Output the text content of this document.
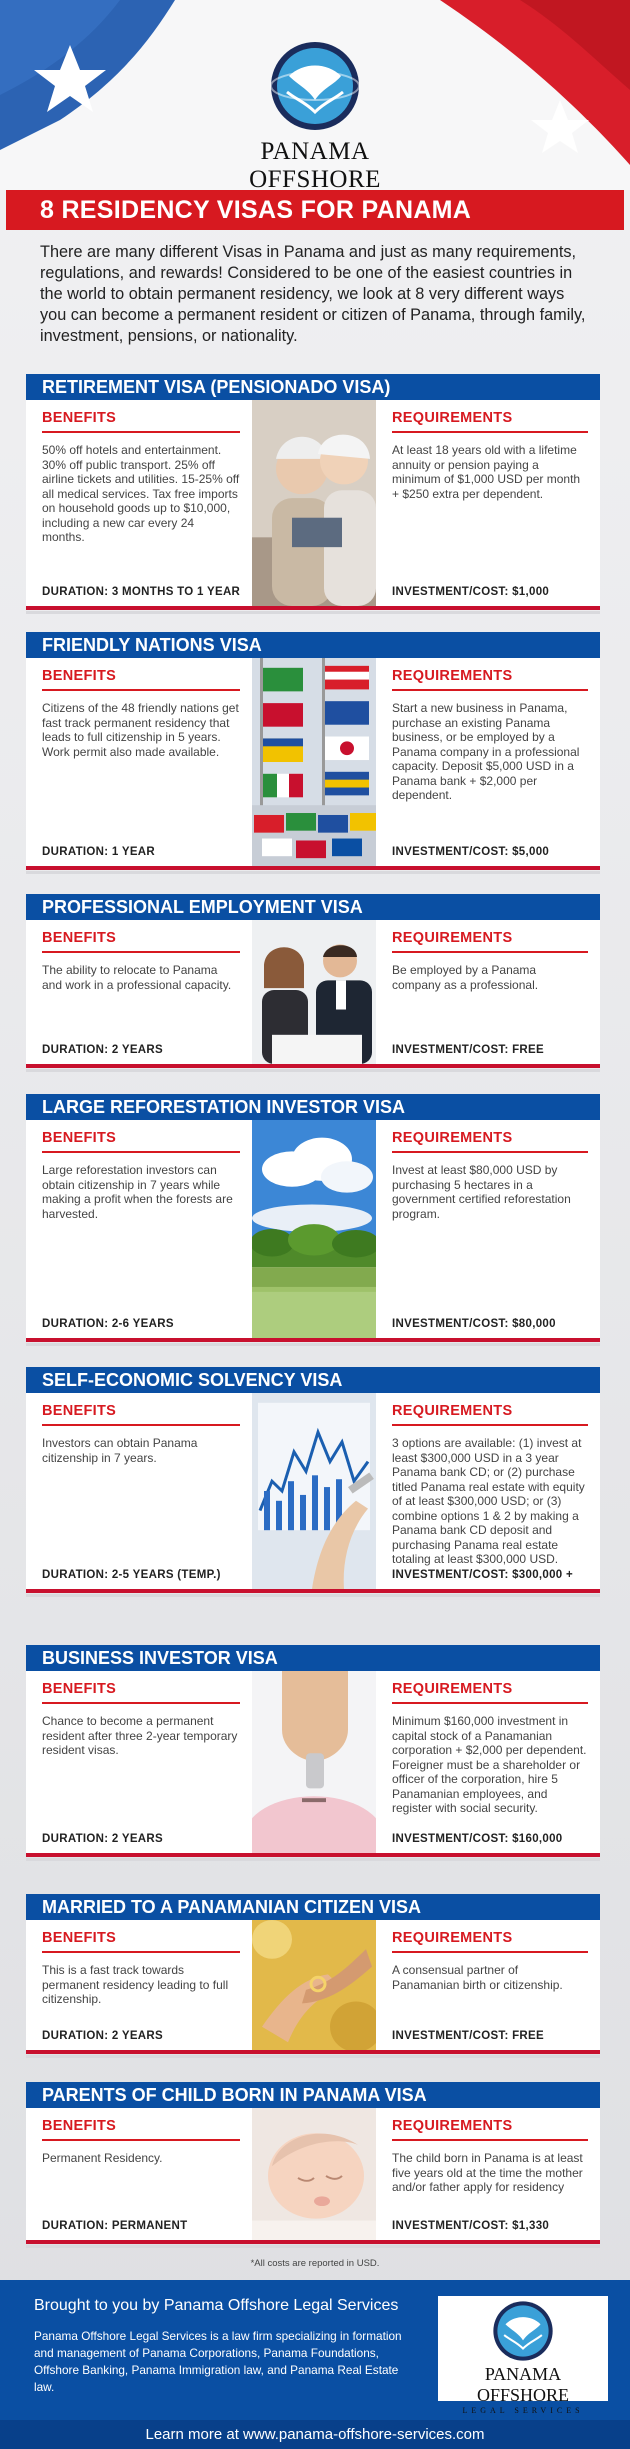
PANAMA OFFSHORE
8 RESIDENCY VISAS FOR PANAMA

There are many different Visas in Panama and just as many requirements, regulations, and rewards! Considered to be one of the easiest countries in the world to obtain permanent residency, we look at 8 very different ways you can become a permanent resident or citizen of Panama, through family, investment, pensions, or nationality.

RETIREMENT VISA (PENSIONADO VISA)
BENEFITS

50% off hotels and entertainment. 30% off public transport. 25% off airline tickets and utilities. 15-25% off all medical services. Tax free imports on household goods up to $10,000, including a new car every 24 months.

DURATION: 3 MONTHS TO 1 YEAR
REQUIREMENTS

At least 18 years old with a lifetime annuity or pension paying a minimum of $1,000 USD per month + $250 extra per dependent.

INVESTMENT/COST: $1,000
FRIENDLY NATIONS VISA
BENEFITS

Citizens of the 48 friendly nations get fast track permanent residency that leads to full citizenship in 5 years. Work permit also made available.

DURATION: 1 YEAR
REQUIREMENTS

Start a new business in Panama, purchase an existing Panama business, or be employed by a Panama company in a professional capacity. Deposit $5,000 USD in a Panama bank + $2,000 per dependent.

INVESTMENT/COST: $5,000
PROFESSIONAL EMPLOYMENT VISA
BENEFITS

The ability to relocate to Panama and work in a professional capacity.

DURATION: 2 YEARS
REQUIREMENTS

Be employed by a Panama company as a professional.

INVESTMENT/COST: FREE
LARGE REFORESTATION INVESTOR VISA
BENEFITS

Large reforestation investors can obtain citizenship in 7 years while making a profit when the forests are harvested.

DURATION: 2-6 YEARS
REQUIREMENTS

Invest at least $80,000 USD by purchasing 5 hectares in a government certified reforestation program.

INVESTMENT/COST: $80,000
SELF-ECONOMIC SOLVENCY VISA
BENEFITS

Investors can obtain Panama citizenship in 7 years.

DURATION: 2-5 YEARS (TEMP.)
REQUIREMENTS

3 options are available: (1) invest at least $300,000 USD in a 3 year Panama bank CD; or (2) purchase titled Panama real estate with equity of at least $300,000 USD; or (3) combine options 1 & 2 by making a Panama bank CD deposit and purchasing Panama real estate totaling at least $300,000 USD.

INVESTMENT/COST: $300,000 +
BUSINESS INVESTOR VISA
BENEFITS

Chance to become a permanent resident after three 2-year temporary resident visas.

DURATION: 2 YEARS
REQUIREMENTS

Minimum $160,000 investment in capital stock of a Panamanian corporation + $2,000 per dependent. Foreigner must be a shareholder or officer of the corporation, hire 5 Panamanian employees, and register with social security.

INVESTMENT/COST: $160,000
MARRIED TO A PANAMANIAN CITIZEN VISA
BENEFITS

This is a fast track towards permanent residency leading to full citizenship.

DURATION: 2 YEARS
REQUIREMENTS

A consensual partner of Panamanian birth or citizenship.

INVESTMENT/COST: FREE
PARENTS OF CHILD BORN IN PANAMA VISA
BENEFITS

Permanent Residency.

DURATION: PERMANENT
REQUIREMENTS

The child born in Panama is at least five years old at the time the mother and/or father apply for residency

INVESTMENT/COST: $1,330
*All costs are reported in USD.
Brought to you by Panama Offshore Legal Services

Panama Offshore Legal Services is a law firm specializing in formation and management of Panama Corporations, Panama Foundations, Offshore Banking, Panama Immigration law, and Panama Real Estate law.

PANAMA OFFSHORE
LEGAL SERVICES
Learn more at www.panama-offshore-services.com
